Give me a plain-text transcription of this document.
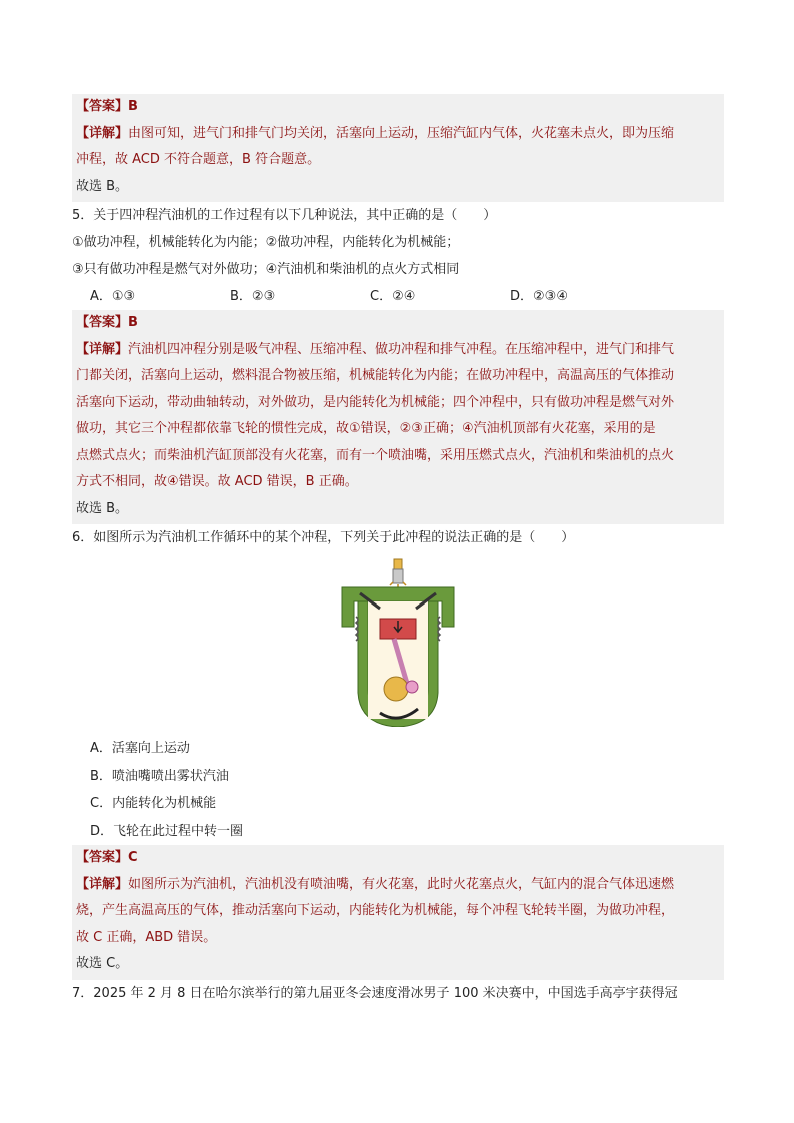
【答案】B
【详解】由图可知，进气门和排气门均关闭，活塞向上运动，压缩汽缸内气体，火花塞未点火，即为压缩
冲程，故 ACD 不符合题意，B 符合题意。
故选 B。
5．关于四冲程汽油机的工作过程有以下几种说法，其中正确的是（　　）
①做功冲程，机械能转化为内能；②做功冲程，内能转化为机械能；
③只有做功冲程是燃气对外做功；④汽油机和柴油机的点火方式相同
A．①③	B．②③	C．②④	D．②③④
【答案】B
【详解】汽油机四冲程分别是吸气冲程、压缩冲程、做功冲程和排气冲程。在压缩冲程中，进气门和排气
门都关闭，活塞向上运动，燃料混合物被压缩，机械能转化为内能；在做功冲程中，高温高压的气体推动
活塞向下运动，带动曲轴转动，对外做功，是内能转化为机械能；四个冲程中，只有做功冲程是燃气对外
做功，其它三个冲程都依靠飞轮的惯性完成，故①错误，②③正确；④汽油机顶部有火花塞，采用的是
点燃式点火；而柴油机汽缸顶部没有火花塞，而有一个喷油嘴，采用压燃式点火，汽油机和柴油机的点火
方式不相同，故④错误。故 ACD 错误，B 正确。
故选 B。
6．如图所示为汽油机工作循环中的某个冲程，下列关于此冲程的说法正确的是（　　）
A．活塞向上运动
B．喷油嘴喷出雾状汽油
C．内能转化为机械能
D．飞轮在此过程中转一圈
【答案】C
【详解】如图所示为汽油机，汽油机没有喷油嘴，有火花塞，此时火花塞点火，气缸内的混合气体迅速燃
烧，产生高温高压的气体，推动活塞向下运动，内能转化为机械能，每个冲程飞轮转半圈，为做功冲程，
故 C 正确，ABD 错误。
故选 C。
7．2025 年 2 月 8 日在哈尔滨举行的第九届亚冬会速度滑冰男子 100 米决赛中，中国选手高亭宇获得冠
